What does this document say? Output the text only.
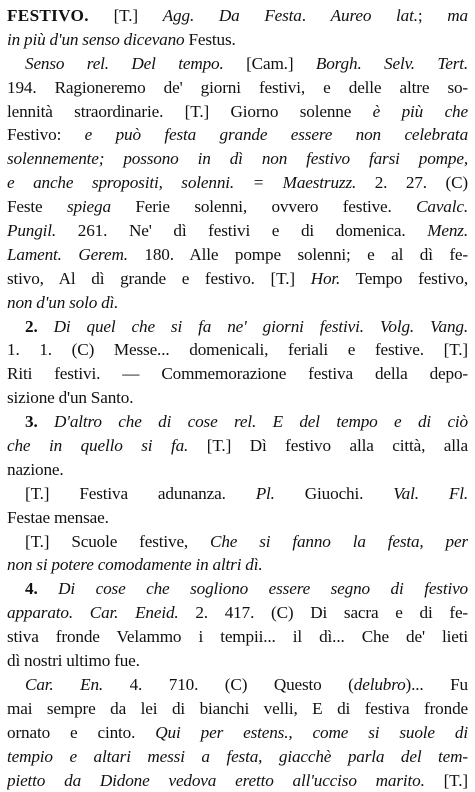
FESTIVO. [T.] Agg. Da Festa. Aureo lat.; ma
in più d'un senso dicevano Festus.
Senso rel. Del tempo. [Cam.] Borgh. Selv. Tert.
194. Ragioneremo de' giorni festivi, e delle altre so-
lennità straordinarie. [T.] Giorno solenne è più che
Festivo: e può festa grande essere non celebrata
solennemente; possono in dì non festivo farsi pompe,
e anche spropositi, solenni. = Maestruzz. 2. 27. (C)
Feste spiega Ferie solenni, ovvero festive. Cavalc.
Pungil. 261. Ne' dì festivi e di domenica. Menz.
Lament. Gerem. 180. Alle pompe solenni; e al dì fe-
stivo, Al dì grande e festivo. [T.] Hor. Tempo festivo,
non d'un solo dì.
2. Di quel che si fa ne' giorni festivi. Volg. Vang.
1. 1. (C) Messe... domenicali, feriali e festive. [T.]
Riti festivi. — Commemorazione festiva della depo-
sizione d'un Santo.
3. D'altro che di cose rel. E del tempo e di ciò
che in quello si fa. [T.] Dì festivo alla città, alla
nazione.
[T.] Festiva adunanza. Pl. Giuochi. Val. Fl.
Festae mensae.
[T.] Scuole festive, Che si fanno la festa, per
non si potere comodamente in altri dì.
4. Di cose che sogliono essere segno di festivo
apparato. Car. Eneid. 2. 417. (C) Di sacra e di fe-
stiva fronde Velammo i tempii... il dì... Che de' lieti
dì nostri ultimo fue.
Car. En. 4. 710. (C) Questo (delubro)... Fu
mai sempre da lei di bianchi velli, E di festiva fronde
ornato e cinto. Qui per estens., come si suole di
tempio e altari messi a festa, giacchè parla del tem-
pietto da Didone vedova eretto all'ucciso marito. [T.]
